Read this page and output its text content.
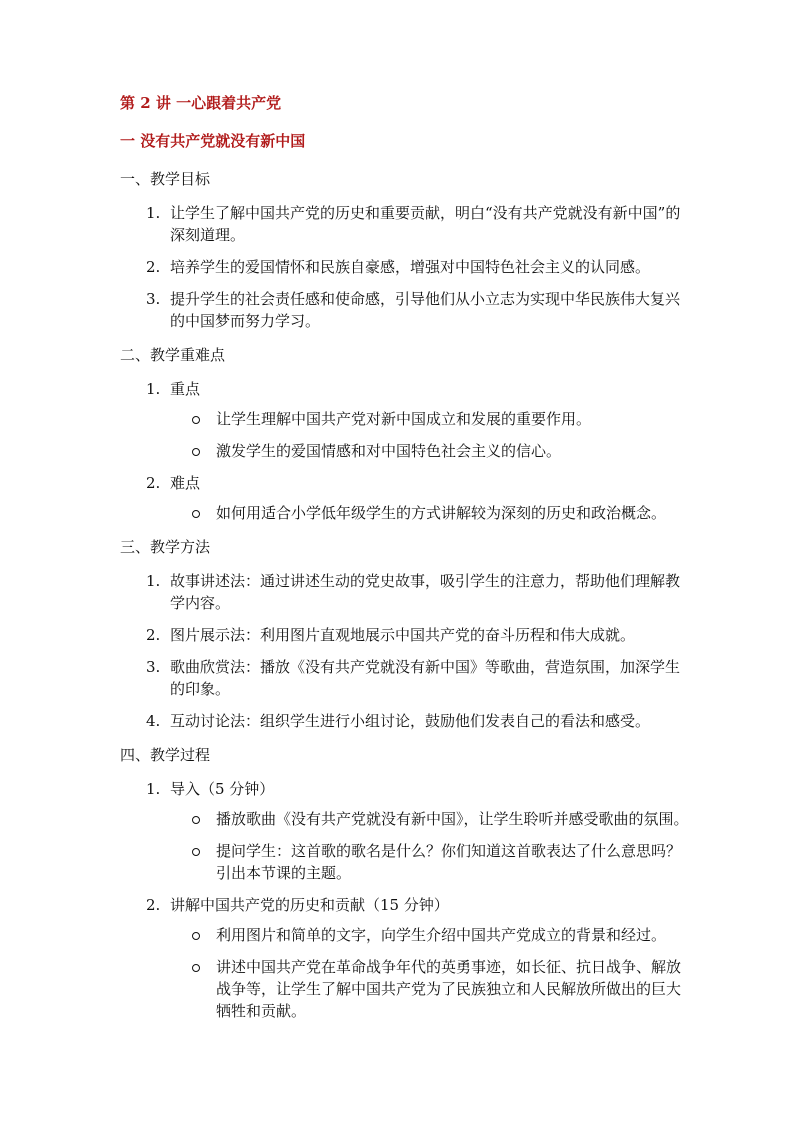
第 2 讲 一心跟着共产党
一 没有共产党就没有新中国
一、教学目标
1. 让学生了解中国共产党的历史和重要贡献，明白“没有共产党就没有新中国”的深刻道理。
2. 培养学生的爱国情怀和民族自豪感，增强对中国特色社会主义的认同感。
3. 提升学生的社会责任感和使命感，引导他们从小立志为实现中华民族伟大复兴的中国梦而努力学习。
二、教学重难点
1. 重点
让学生理解中国共产党对新中国成立和发展的重要作用。
激发学生的爱国情感和对中国特色社会主义的信心。
2. 难点
如何用适合小学低年级学生的方式讲解较为深刻的历史和政治概念。
三、教学方法
1. 故事讲述法：通过讲述生动的党史故事，吸引学生的注意力，帮助他们理解教学内容。
2. 图片展示法：利用图片直观地展示中国共产党的奋斗历程和伟大成就。
3. 歌曲欣赏法：播放《没有共产党就没有新中国》等歌曲，营造氛围，加深学生的印象。
4. 互动讨论法：组织学生进行小组讨论，鼓励他们发表自己的看法和感受。
四、教学过程
1. 导入（5 分钟）
播放歌曲《没有共产党就没有新中国》，让学生聆听并感受歌曲的氛围。
提问学生：这首歌的歌名是什么？你们知道这首歌表达了什么意思吗？引出本节课的主题。
2. 讲解中国共产党的历史和贡献（15 分钟）
利用图片和简单的文字，向学生介绍中国共产党成立的背景和经过。
讲述中国共产党在革命战争年代的英勇事迹，如长征、抗日战争、解放战争等，让学生了解中国共产党为了民族独立和人民解放所做出的巨大牺牲和贡献。
